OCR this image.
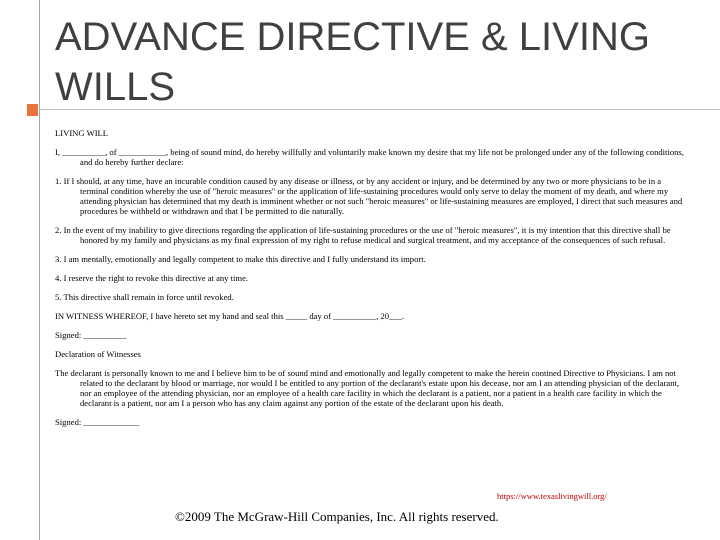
ADVANCE DIRECTIVE & LIVING WILLS

LIVING WILL

I, __________, of ___________, being of sound mind, do hereby willfully and voluntarily make known my desire that my life not be prolonged under any of the following conditions, and do hereby further declare:

1. If I should, at any time, have an incurable condition caused by any disease or illness, or by any accident or injury, and be determined by any two or more physicians to be in a terminal condition whereby the use of "heroic measures" or the application of life-sustaining procedures would only serve to delay the moment of my death, and where my attending physician has determined that my death is imminent whether or not such "heroic measures" or life-sustaining measures are employed, I direct that such measures and procedures be withheld or withdrawn and that I be permitted to die naturally.

2. In the event of my inability to give directions regarding the application of life-sustaining procedures or the use of "heroic measures", it is my intention that this directive shall be honored by my family and physicians as my final expression of my right to refuse medical and surgical treatment, and my acceptance of the consequences of such refusal.

3. I am mentally, emotionally and legally competent to make this directive and I fully understand its import.

4. I reserve the right to revoke this directive at any time.

5. This directive shall remain in force until revoked.

IN WITNESS WHEREOF, I have hereto set my hand and seal this _____ day of __________, 20___.

Signed: __________

Declaration of Witnesses

The declarant is personally known to me and I believe him to be of sound mind and emotionally and legally competent to make the herein contined Directive to Physicians. I am not related to the declarant by blood or marriage, nor would I be entitled to any portion of the declarant's estate upon his decease, nor am I an attending physician of the declarant, nor an employee of the attending physician, nor an employee of a health care facility in which the declarant is a patient, nor a patient in a health care facility in which the declarant is a patient, nor am I a person who has any claim against any portion of the estate of the declarant upon his death.

Signed: _____________

https://www.texaslivingwill.org/
©2009 The McGraw-Hill Companies, Inc. All rights reserved.
